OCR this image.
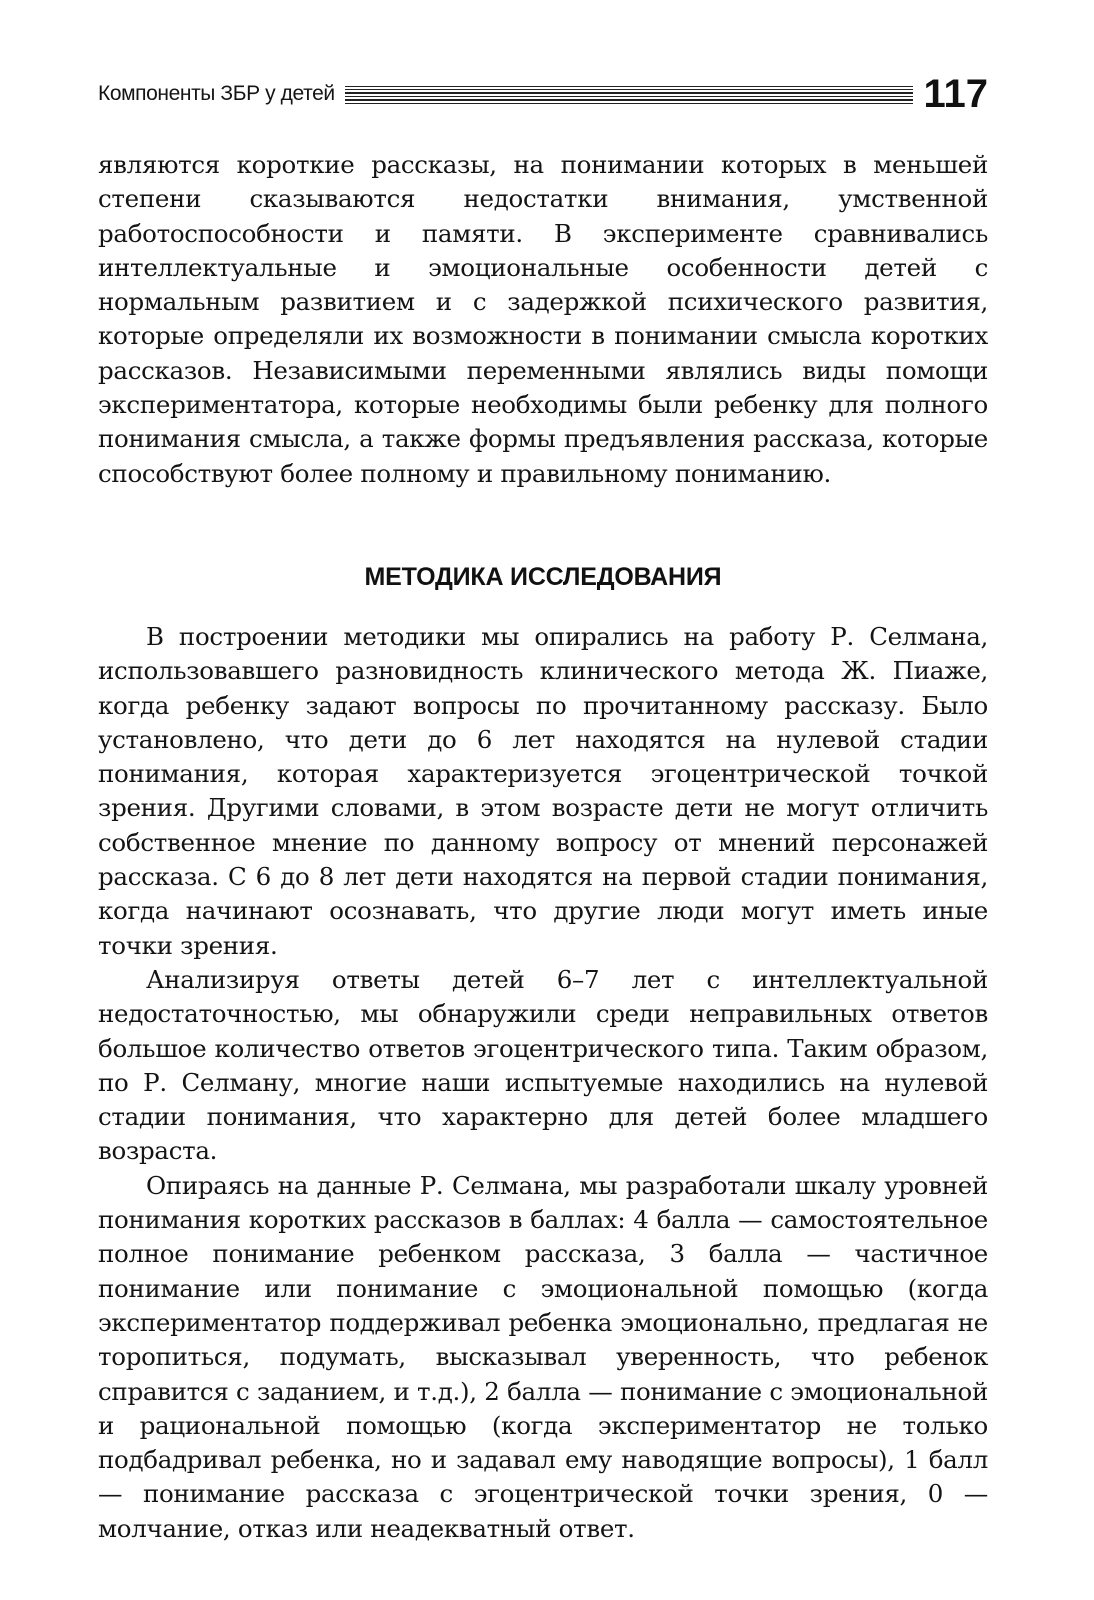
Компоненты ЗБР у детей	117

являются короткие рассказы, на понимании которых в меньшей степени сказываются недостатки внимания, умственной работоспособности и памяти. В эксперименте сравнивались интеллектуальные и эмоциональные особенности детей с нормальным развитием и с задержкой психического развития, которые определяли их возможности в понимании смысла коротких рассказов. Независимыми переменными являлись виды помощи экспериментатора, которые необходимы были ребенку для полного понимания смысла, а также формы предъявления рассказа, которые способствуют более полному и правильному пониманию.

МЕТОДИКА ИССЛЕДОВАНИЯ

В построении методики мы опирались на работу Р. Селмана, использовавшего разновидность клинического метода Ж. Пиаже, когда ребенку задают вопросы по прочитанному рассказу. Было установлено, что дети до 6 лет находятся на нулевой стадии понимания, которая характеризуется эгоцентрической точкой зрения. Другими словами, в этом возрасте дети не могут отличить собственное мнение по данному вопросу от мнений персонажей рассказа. С 6 до 8 лет дети находятся на первой стадии понимания, когда начинают осознавать, что другие люди могут иметь иные точки зрения.

Анализируя ответы детей 6–7 лет с интеллектуальной недостаточностью, мы обнаружили среди неправильных ответов большое количество ответов эгоцентрического типа. Таким образом, по Р. Селману, многие наши испытуемые находились на нулевой стадии понимания, что характерно для детей более младшего возраста.

Опираясь на данные Р. Селмана, мы разработали шкалу уровней понимания коротких рассказов в баллах: 4 балла — самостоятельное полное понимание ребенком рассказа, 3 балла — частичное понимание или понимание с эмоциональной помощью (когда экспериментатор поддерживал ребенка эмоционально, предлагая не торопиться, подумать, высказывал уверенность, что ребенок справится с заданием, и т.д.), 2 балла — понимание с эмоциональной и рациональной помощью (когда экспериментатор не только подбадривал ребенка, но и задавал ему наводящие вопросы), 1 балл — понимание рассказа с эгоцентрической точки зрения, 0 — молчание, отказ или неадекватный ответ.
